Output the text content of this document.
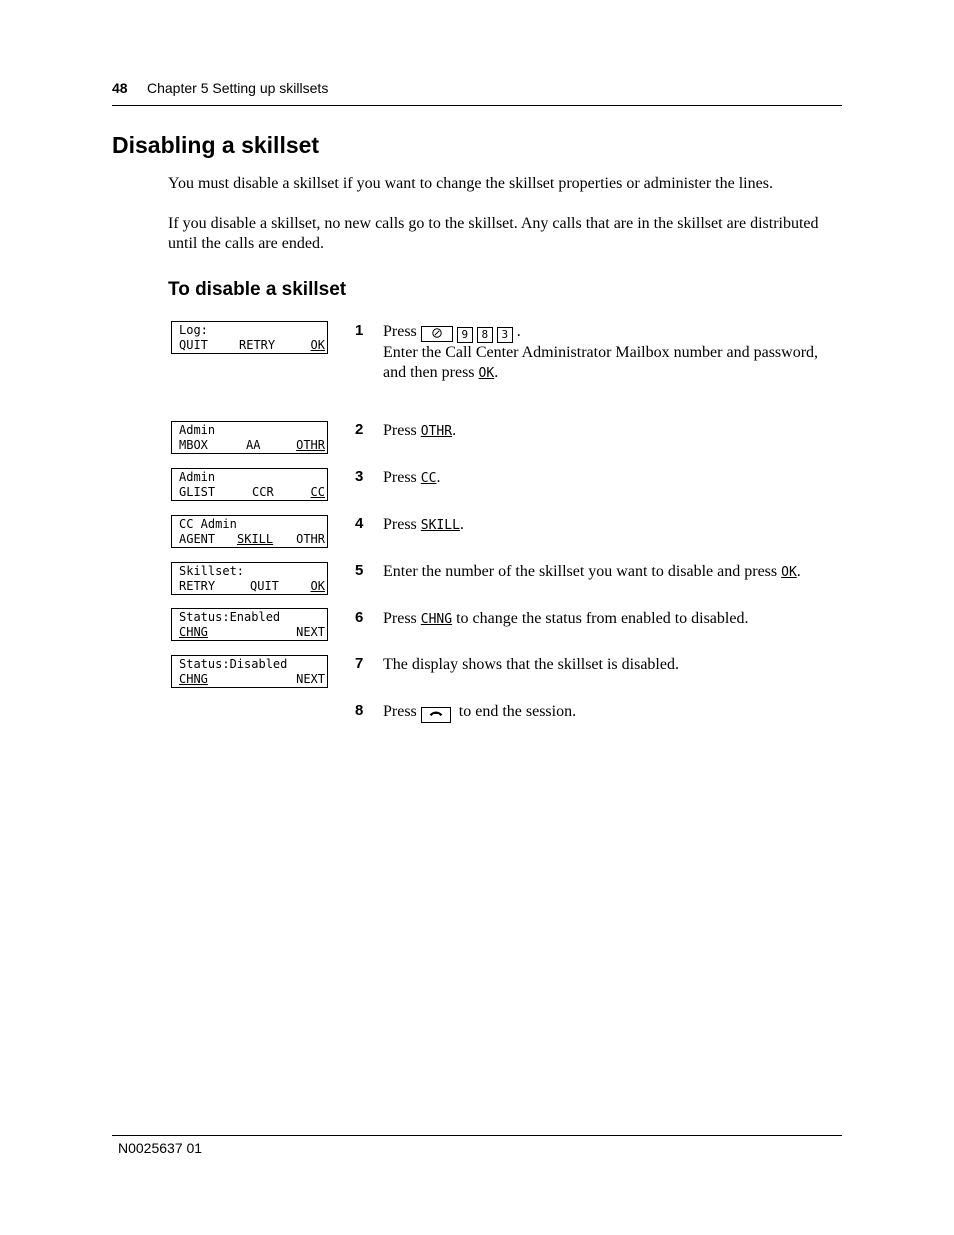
48 Chapter 5 Setting up skillsets
Disabling a skillset

You must disable a skillset if you want to change the skillset properties or administer the lines.

If you disable a skillset, no new calls go to the skillset. Any calls that are in the skillset are distributed until the calls are ended.

To disable a skillset
Log:
QUIT	RETRY	OK
Admin
MBOX	AA	OTHR
Admin
GLIST	CCR	CC
CC Admin
AGENT SKILL OTHR
Skillset:
RETRY	QUIT	OK
Status:Enabled
CHNG	NEXT
Status:Disabled
CHNG	NEXT
1 Press	9 8 3 .
Enter the Call Center Administrator Mailbox number and password,
and then press OK.
2 Press OTHR.
3 Press CC.
4 Press SKILL.
5 Enter the number of the skillset you want to disable and press OK.
6 Press CHNG to change the status from enabled to disabled.
7 The display shows that the skillset is disabled.
8 Press	to end the session.
N0025637 01
